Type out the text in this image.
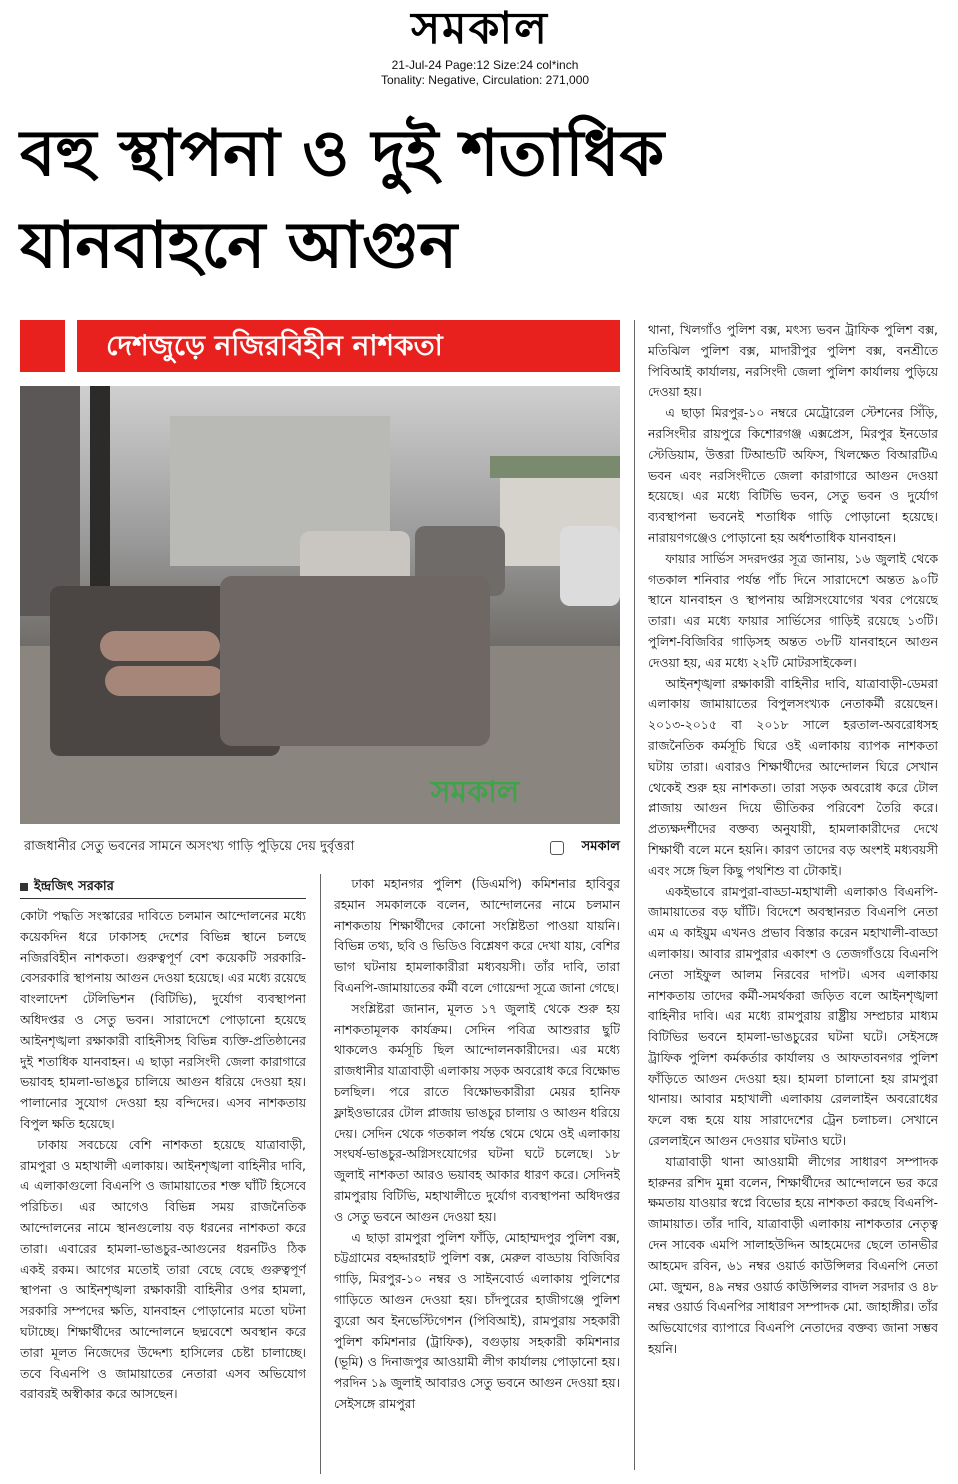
সমকাল
21-Jul-24 Page:12 Size:24 col*inch
Tonality: Negative, Circulation: 271,000
বহু স্থাপনা ও দুই শতাধিক যানবাহনে আগুন
দেশজুড়ে নজিরবিহীন নাশকতা
সমকাল
রাজধানীর সেতু ভবনের সামনে অসংখ্য গাড়ি পুড়িয়ে দেয় দুর্বৃত্তরা	সমকাল
ইন্দ্রজিৎ সরকার

কোটা পদ্ধতি সংস্কারের দাবিতে চলমান আন্দোলনের মধ্যে কয়েকদিন ধরে ঢাকাসহ দেশের বিভিন্ন স্থানে চলছে নজিরবিহীন নাশকতা। গুরুত্বপূর্ণ বেশ কয়েকটি সরকারি-বেসরকারি স্থাপনায় আগুন দেওয়া হয়েছে। এর মধ্যে রয়েছে বাংলাদেশ টেলিভিশন (বিটিভি), দুর্যোগ ব্যবস্থাপনা অধিদপ্তর ও সেতু ভবন। সারাদেশে পোড়ানো হয়েছে আইনশৃঙ্খলা রক্ষাকারী বাহিনীসহ বিভিন্ন ব্যক্তি-প্রতিষ্ঠানের দুই শতাধিক যানবাহন। এ ছাড়া নরসিংদী জেলা কারাগারে ভয়াবহ হামলা-ভাঙচুর চালিয়ে আগুন ধরিয়ে দেওয়া হয়। পালানোর সুযোগ দেওয়া হয় বন্দিদের। এসব নাশকতায় বিপুল ক্ষতি হয়েছে।

ঢাকায় সবচেয়ে বেশি নাশকতা হয়েছে যাত্রাবাড়ী, রামপুরা ও মহাখালী এলাকায়। আইনশৃঙ্খলা বাহিনীর দাবি, এ এলাকাগুলো বিএনপি ও জামায়াতের শক্ত ঘাঁটি হিসেবে পরিচিত। এর আগেও বিভিন্ন সময় রাজনৈতিক আন্দোলনের নামে স্থানগুলোয় বড় ধরনের নাশকতা করে তারা। এবারের হামলা-ভাঙচুর-আগুনের ধরনটিও ঠিক একই রকম। আগের মতোই তারা বেছে বেছে গুরুত্বপূর্ণ স্থাপনা ও আইনশৃঙ্খলা রক্ষাকারী বাহিনীর ওপর হামলা, সরকারি সম্পদের ক্ষতি, যানবাহন পোড়ানোর মতো ঘটনা ঘটাচ্ছে। শিক্ষার্থীদের আন্দোলনে ছদ্মবেশে অবস্থান করে তারা মূলত নিজেদের উদ্দেশ্য হাসিলের চেষ্টা চালাচ্ছে। তবে বিএনপি ও জামায়াতের নেতারা এসব অভিযোগ বরাবরই অস্বীকার করে আসছেন।

ঢাকা মহানগর পুলিশ (ডিএমপি) কমিশনার হাবিবুর রহমান সমকালকে বলেন, আন্দোলনের নামে চলমান নাশকতায় শিক্ষার্থীদের কোনো সংশ্লিষ্টতা পাওয়া যায়নি। বিভিন্ন তথ্য, ছবি ও ভিডিও বিশ্লেষণ করে দেখা যায়, বেশির ভাগ ঘটনায় হামলাকারীরা মধ্যবয়সী। তাঁর দাবি, তারা বিএনপি-জামায়াতের কর্মী বলে গোয়েন্দা সূত্রে জানা গেছে।

সংশ্লিষ্টরা জানান, মূলত ১৭ জুলাই থেকে শুরু হয় নাশকতামূলক কার্যক্রম। সেদিন পবিত্র আশুরার ছুটি থাকলেও কর্মসূচি ছিল আন্দোলনকারীদের। এর মধ্যে রাজধানীর যাত্রাবাড়ী এলাকায় সড়ক অবরোধ করে বিক্ষোভ চলছিল। পরে রাতে বিক্ষোভকারীরা মেয়র হানিফ ফ্লাইওভারের টোল প্লাজায় ভাঙচুর চালায় ও আগুন ধরিয়ে দেয়। সেদিন থেকে গতকাল পর্যন্ত থেমে থেমে ওই এলাকায় সংঘর্ষ-ভাঙচুর-অগ্নিসংযোগের ঘটনা ঘটে চলেছে। ১৮ জুলাই নাশকতা আরও ভয়াবহ আকার ধারণ করে। সেদিনই রামপুরায় বিটিভি, মহাখালীতে দুর্যোগ ব্যবস্থাপনা অধিদপ্তর ও সেতু ভবনে আগুন দেওয়া হয়।

এ ছাড়া রামপুরা পুলিশ ফাঁড়ি, মোহাম্মদপুর পুলিশ বক্স, চট্টগ্রামের বহদ্দারহাট পুলিশ বক্স, মেরুল বাড্ডায় বিজিবির গাড়ি, মিরপুর-১০ নম্বর ও সাইনবোর্ড এলাকায় পুলিশের গাড়িতে আগুন দেওয়া হয়। চাঁদপুরের হাজীগঞ্জে পুলিশ ব্যুরো অব ইনভেস্টিগেশন (পিবিআই), রামপুরায় সহকারী পুলিশ কমিশনার (ট্রাফিক), বগুড়ায় সহকারী কমিশনার (ভূমি) ও দিনাজপুর আওয়ামী লীগ কার্যালয় পোড়ানো হয়। পরদিন ১৯ জুলাই আবারও সেতু ভবনে আগুন দেওয়া হয়। সেইসঙ্গে রামপুরা

থানা, খিলগাঁও পুলিশ বক্স, মৎস্য ভবন ট্রাফিক পুলিশ বক্স, মতিঝিল পুলিশ বক্স, মাদারীপুর পুলিশ বক্স, বনশ্রীতে পিবিআই কার্যালয়, নরসিংদী জেলা পুলিশ কার্যালয় পুড়িয়ে দেওয়া হয়।

এ ছাড়া মিরপুর-১০ নম্বরে মেট্রোরেল স্টেশনের সিঁড়ি, নরসিংদীর রায়পুরে কিশোরগঞ্জ এক্সপ্রেস, মিরপুর ইনডোর স্টেডিয়াম, উত্তরা টিআন্ডটি অফিস, খিলক্ষেত বিআরটিএ ভবন এবং নরসিংদীতে জেলা কারাগারে আগুন দেওয়া হয়েছে। এর মধ্যে বিটিভি ভবন, সেতু ভবন ও দুর্যোগ ব্যবস্থাপনা ভবনেই শতাধিক গাড়ি পোড়ানো হয়েছে। নারায়ণগঞ্জেও পোড়ানো হয় অর্ধশতাধিক যানবাহন।

ফায়ার সার্ভিস সদরদপ্তর সূত্র জানায়, ১৬ জুলাই থেকে গতকাল শনিবার পর্যন্ত পাঁচ দিনে সারাদেশে অন্তত ৯০টি স্থানে যানবাহন ও স্থাপনায় অগ্নিসংযোগের খবর পেয়েছে তারা। এর মধ্যে ফায়ার সার্ভিসের গাড়িই রয়েছে ১৩টি। পুলিশ-বিজিবির গাড়িসহ অন্তত ৩৮টি যানবাহনে আগুন দেওয়া হয়, এর মধ্যে ২২টি মোটরসাইকেল।

আইনশৃঙ্খলা রক্ষাকারী বাহিনীর দাবি, যাত্রাবাড়ী-ডেমরা এলাকায় জামায়াতের বিপুলসংখ্যক নেতাকর্মী রয়েছেন। ২০১৩-২০১৫ বা ২০১৮ সালে হরতাল-অবরোধসহ রাজনৈতিক কর্মসূচি ঘিরে ওই এলাকায় ব্যাপক নাশকতা ঘটায় তারা। এবারও শিক্ষার্থীদের আন্দোলন ঘিরে সেখান থেকেই শুরু হয় নাশকতা। তারা সড়ক অবরোধ করে টোল প্লাজায় আগুন দিয়ে ভীতিকর পরিবেশ তৈরি করে। প্রত্যক্ষদর্শীদের বক্তব্য অনুযায়ী, হামলাকারীদের দেখে শিক্ষার্থী বলে মনে হয়নি। কারণ তাদের বড় অংশই মধ্যবয়সী এবং সঙ্গে ছিল কিছু পথশিশু বা টোকাই।

একইভাবে রামপুরা-বাড্ডা-মহাখালী এলাকাও বিএনপি-জামায়াতের বড় ঘাঁটি। বিদেশে অবস্থানরত বিএনপি নেতা এম এ কাইয়ুম এখনও প্রভাব বিস্তার করেন মহাখালী-বাড্ডা এলাকায়। আবার রামপুরার একাংশ ও তেজগাঁওয়ে বিএনপি নেতা সাইফুল আলম নিরবের দাপট। এসব এলাকায় নাশকতায় তাদের কর্মী-সমর্থকরা জড়িত বলে আইনশৃঙ্খলা বাহিনীর দাবি। এর মধ্যে রামপুরায় রাষ্ট্রীয় সম্প্রচার মাধ্যম বিটিভির ভবনে হামলা-ভাঙচুরের ঘটনা ঘটে। সেইসঙ্গে ট্রাফিক পুলিশ কর্মকর্তার কার্যালয় ও আফতাবনগর পুলিশ ফাঁড়িতে আগুন দেওয়া হয়। হামলা চালানো হয় রামপুরা থানায়। আবার মহাখালী এলাকায় রেললাইন অবরোধের ফলে বন্ধ হয়ে যায় সারাদেশের ট্রেন চলাচল। সেখানে রেললাইনে আগুন দেওয়ার ঘটনাও ঘটে।

যাত্রাবাড়ী থানা আওয়ামী লীগের সাধারণ সম্পাদক হারুনর রশিদ মুন্না বলেন, শিক্ষার্থীদের আন্দোলনে ভর করে ক্ষমতায় যাওয়ার স্বপ্নে বিভোর হয়ে নাশকতা করছে বিএনপি-জামায়াত। তাঁর দাবি, যাত্রাবাড়ী এলাকায় নাশকতার নেতৃত্ব দেন সাবেক এমপি সালাহউদ্দিন আহমেদের ছেলে তানভীর আহমেদ রবিন, ৬১ নম্বর ওয়ার্ড কাউন্সিলর বিএনপি নেতা মো. জুম্মন, ৪৯ নম্বর ওয়ার্ড কাউন্সিলর বাদল সরদার ও ৪৮ নম্বর ওয়ার্ড বিএনপির সাধারণ সম্পাদক মো. জাহাঙ্গীর। তাঁর অভিযোগের ব্যাপারে বিএনপি নেতাদের বক্তব্য জানা সম্ভব হয়নি।
